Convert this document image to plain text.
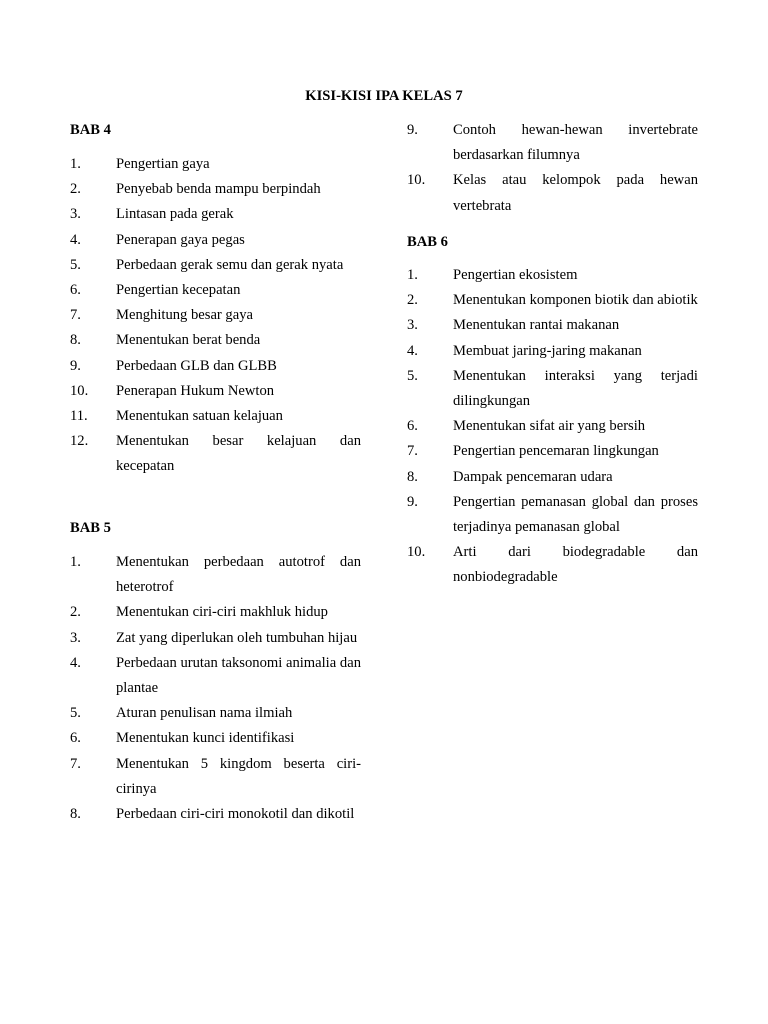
KISI-KISI IPA KELAS 7
BAB 4
1.	Pengertian gaya
2.	Penyebab benda mampu berpindah
3.	Lintasan pada gerak
4.	Penerapan gaya pegas
5.	Perbedaan gerak semu dan gerak nyata
6.	Pengertian kecepatan
7.	Menghitung besar gaya
8.	Menentukan berat benda
9.	Perbedaan GLB dan GLBB
10.	Penerapan Hukum Newton
11.	Menentukan satuan kelajuan
12.	Menentukan besar kelajuan dan kecepatan
BAB 5
1.	Menentukan perbedaan autotrof dan heterotrof
2.	Menentukan ciri-ciri makhluk hidup
3.	Zat yang diperlukan oleh tumbuhan hijau
4.	Perbedaan urutan taksonomi animalia dan plantae
5.	Aturan penulisan nama ilmiah
6.	Menentukan kunci identifikasi
7.	Menentukan 5 kingdom beserta ciri-cirinya
8.	Perbedaan ciri-ciri monokotil dan dikotil
9.	Contoh hewan-hewan invertebrate berdasarkan filumnya
10.	Kelas atau kelompok pada hewan vertebrata
BAB 6
1.	Pengertian ekosistem
2.	Menentukan komponen biotik dan abiotik
3.	Menentukan rantai makanan
4.	Membuat jaring-jaring makanan
5.	Menentukan interaksi yang terjadi dilingkungan
6.	Menentukan sifat air yang bersih
7.	Pengertian pencemaran lingkungan
8.	Dampak pencemaran udara
9.	Pengertian pemanasan global dan proses terjadinya pemanasan global
10.	Arti dari biodegradable dan nonbiodegradable
